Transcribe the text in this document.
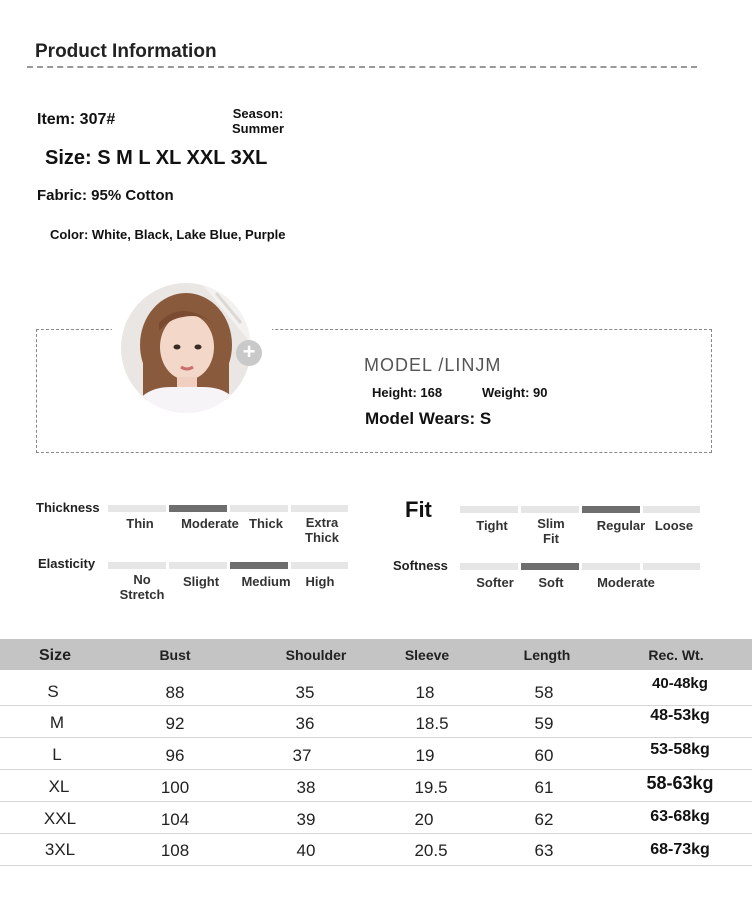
Product Information
Item: 307#	Season:
Summer
Size: S M L XL XXL 3XL
Fabric: 95% Cotton
Color: White, Black, Lake Blue, Purple
+
MODEL /LINJM
Height: 168	Weight: 90
Model Wears: S
Thickness	Fit
Elasticity	Softness
Thin	Moderate Thick	Extra Thick
Tight	Slim Fit
Regular Loose
No Stretch
Slight	Medium	High	Softer	Soft	Moderate
Size	Bust	Shoulder	Sleeve	Length	Rec. Wt.
S	88	35	18	58	40-48kg
M	92	36	18.5	59	48-53kg
L	96	37	19	60	53-58kg
XL	100	38	19.5	61	58-63kg
XXL	104	39	20	62	63-68kg
3XL	108	40	20.5	63	68-73kg
